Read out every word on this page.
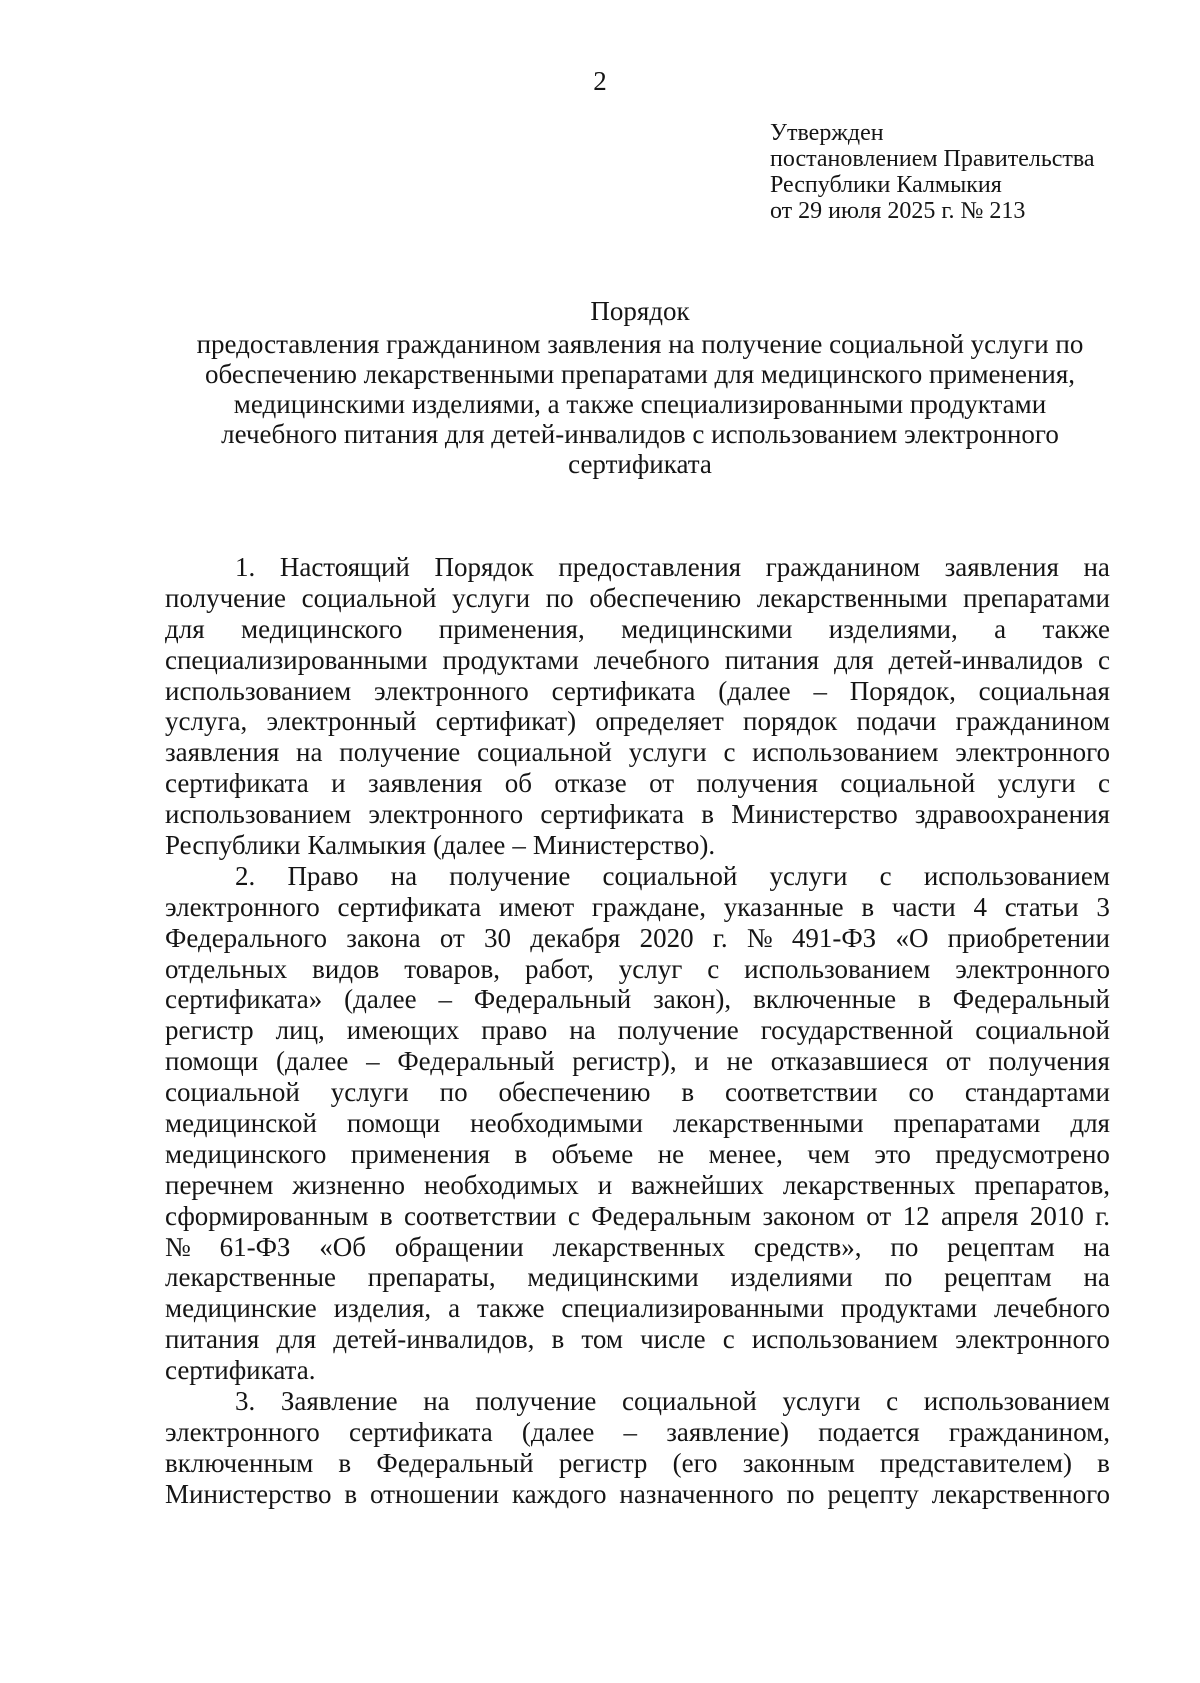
2
Утвержден
постановлением Правительства
Республики Калмыкия
от 29 июля 2025 г. № 213
Порядок
предоставления гражданином заявления на получение социальной услуги по
обеспечению лекарственными препаратами для медицинского применения,
медицинскими изделиями, а также специализированными продуктами
лечебного питания для детей-инвалидов с использованием электронного
сертификата
1. Настоящий Порядок предоставления гражданином заявления на
получение социальной услуги по обеспечению лекарственными препаратами
для медицинского применения, медицинскими изделиями, а также
специализированными продуктами лечебного питания для детей-инвалидов с
использованием электронного сертификата (далее – Порядок, социальная
услуга, электронный сертификат) определяет порядок подачи гражданином
заявления на получение социальной услуги с использованием электронного
сертификата и заявления об отказе от получения социальной услуги с
использованием электронного сертификата в Министерство здравоохранения
Республики Калмыкия (далее – Министерство).
2. Право на получение социальной услуги с использованием
электронного сертификата имеют граждане, указанные в части 4 статьи 3
Федерального закона от 30 декабря 2020 г. № 491-ФЗ «О приобретении
отдельных видов товаров, работ, услуг с использованием электронного
сертификата» (далее – Федеральный закон), включенные в Федеральный
регистр лиц, имеющих право на получение государственной социальной
помощи (далее – Федеральный регистр), и не отказавшиеся от получения
социальной услуги по обеспечению в соответствии со стандартами
медицинской помощи необходимыми лекарственными препаратами для
медицинского применения в объеме не менее, чем это предусмотрено
перечнем жизненно необходимых и важнейших лекарственных препаратов,
сформированным в соответствии с Федеральным законом от 12 апреля 2010 г.
№ 61-ФЗ «Об обращении лекарственных средств», по рецептам на
лекарственные препараты, медицинскими изделиями по рецептам на
медицинские изделия, а также специализированными продуктами лечебного
питания для детей-инвалидов, в том числе с использованием электронного
сертификата.
3. Заявление на получение социальной услуги с использованием
электронного сертификата (далее – заявление) подается гражданином,
включенным в Федеральный регистр (его законным представителем) в
Министерство в отношении каждого назначенного по рецепту лекарственного
